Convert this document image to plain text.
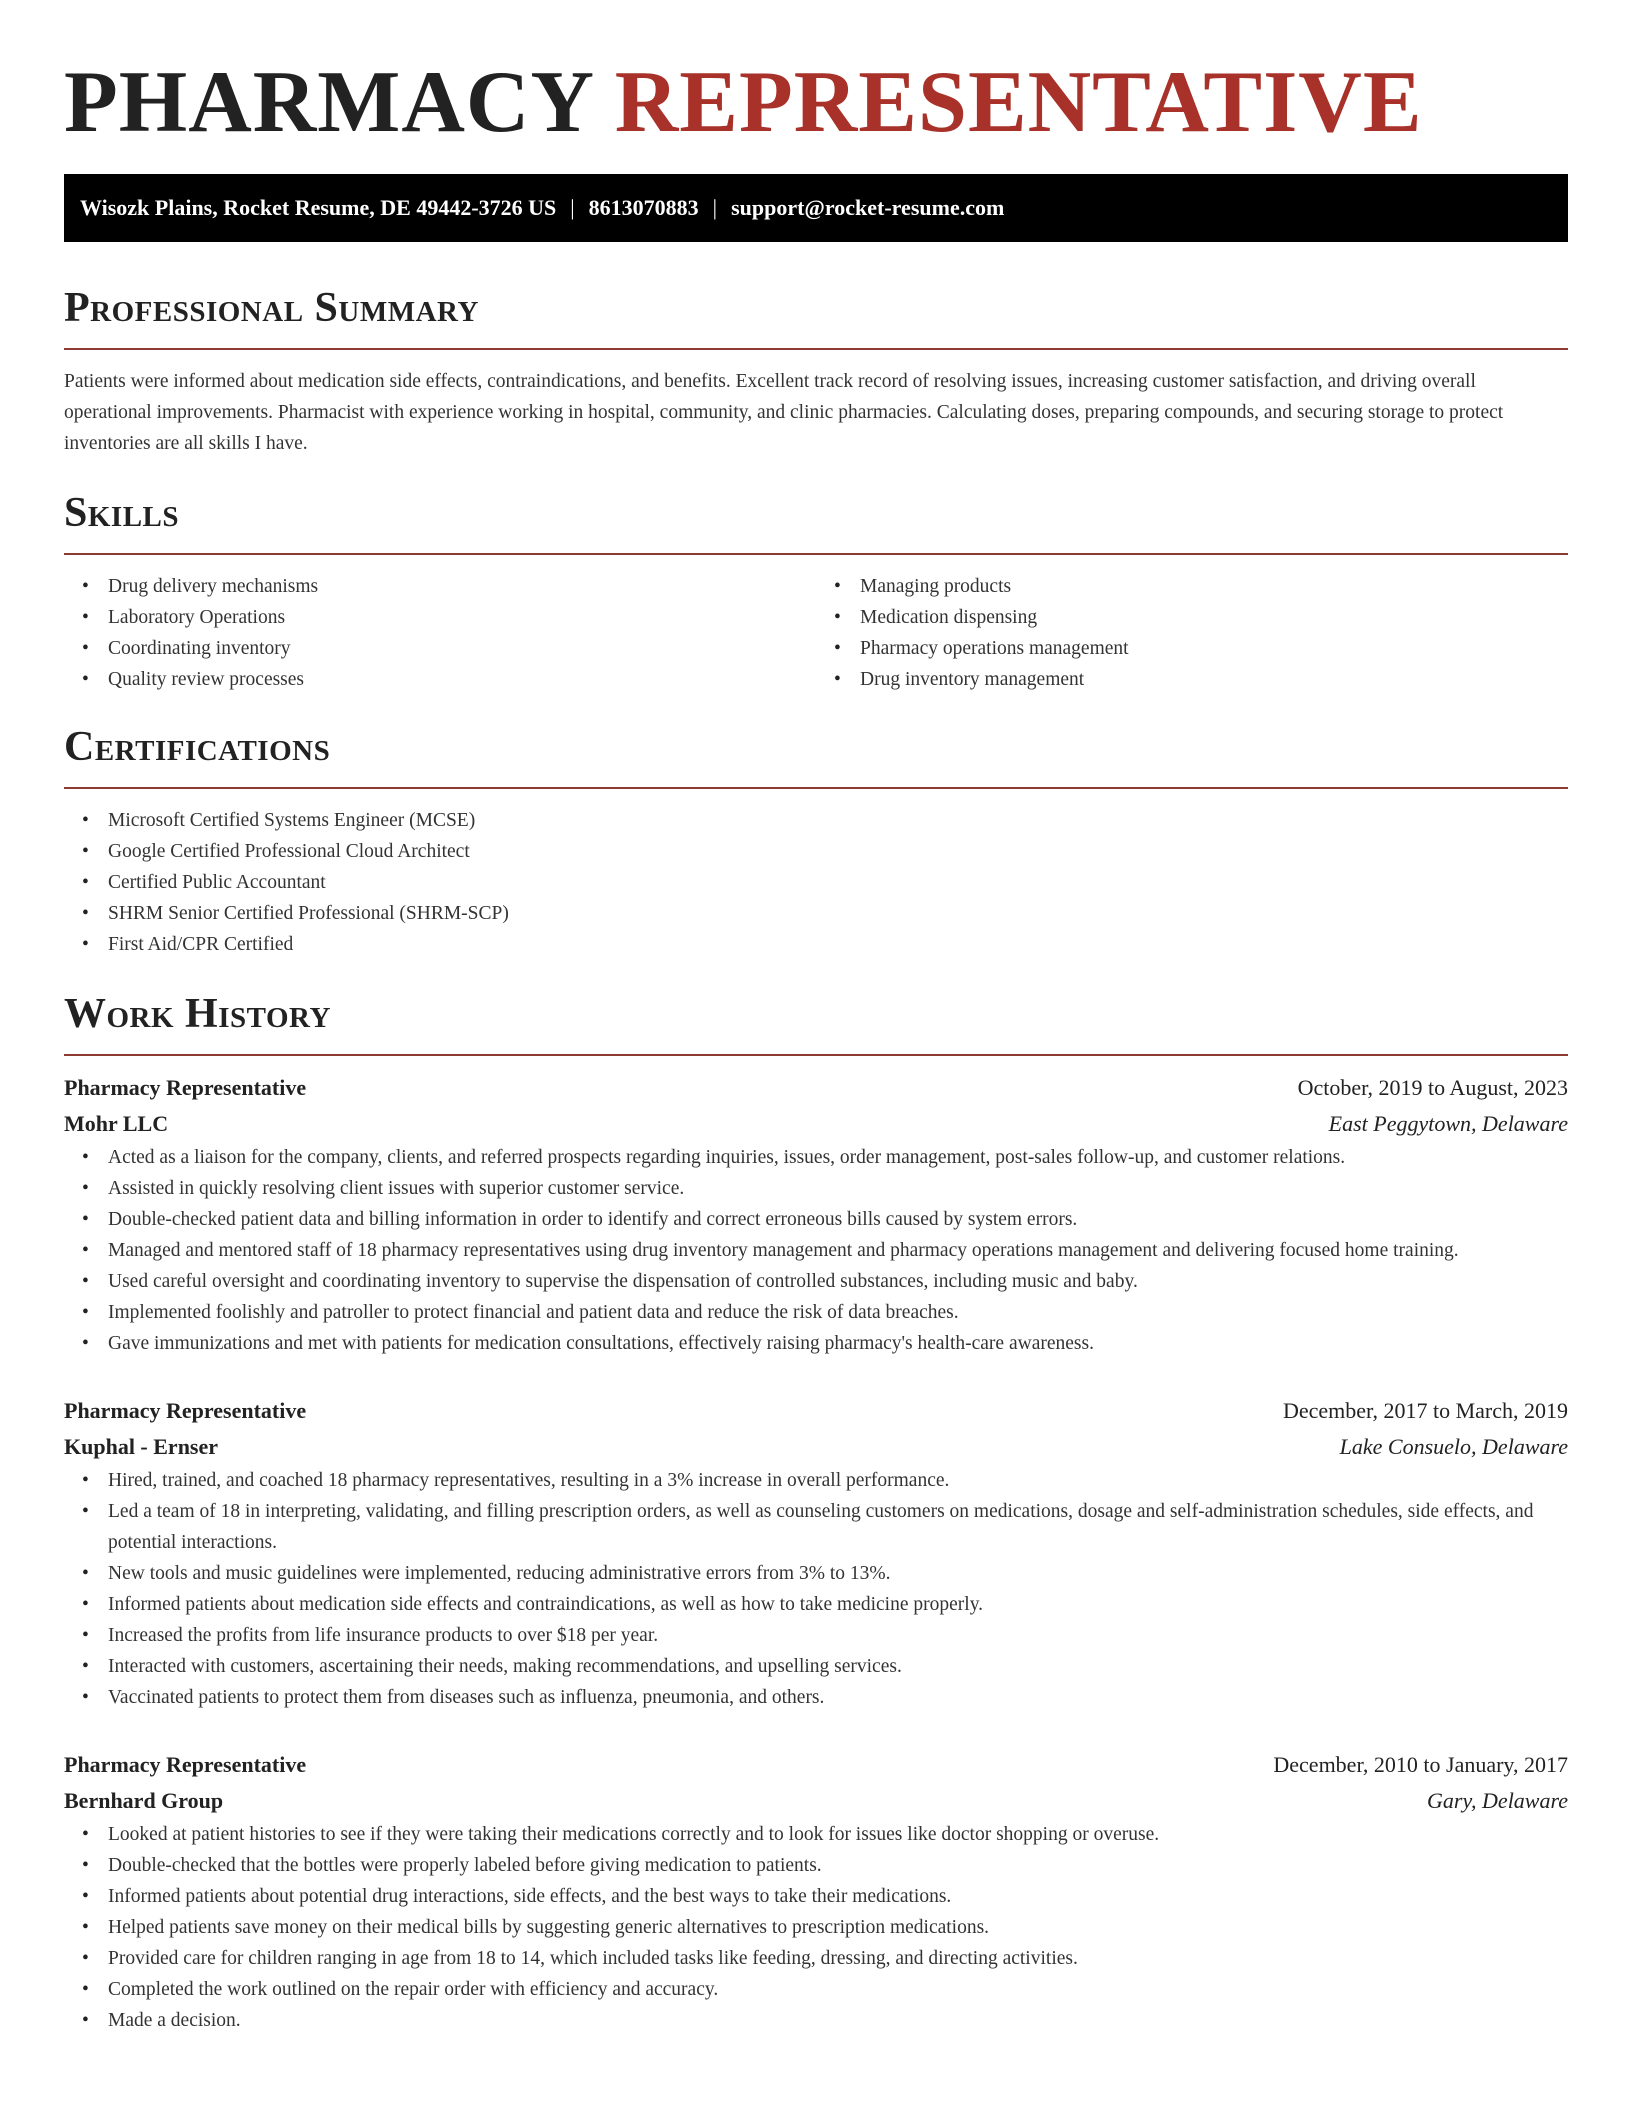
PHARMACY REPRESENTATIVE
Wisozk Plains, Rocket Resume, DE 49442-3726 US | 8613070883 | support@rocket-resume.com
Professional Summary

Patients were informed about medication side effects, contraindications, and benefits. Excellent track record of resolving issues, increasing customer satisfaction, and driving overall operational improvements. Pharmacist with experience working in hospital, community, and clinic pharmacies. Calculating doses, preparing compounds, and securing storage to protect inventories are all skills I have.

Skills
• Drug delivery mechanisms
• Laboratory Operations
• Coordinating inventory
• Quality review processes
• Managing products
• Medication dispensing
• Pharmacy operations management
• Drug inventory management
Certifications
• Microsoft Certified Systems Engineer (MCSE)
• Google Certified Professional Cloud Architect
• Certified Public Accountant
• SHRM Senior Certified Professional (SHRM-SCP)
• First Aid/CPR Certified
Work History
Pharmacy Representative	October, 2019 to August, 2023
Mohr LLC	East Peggytown, Delaware
• Acted as a liaison for the company, clients, and referred prospects regarding inquiries, issues, order management, post-sales follow-up, and customer relations.
• Assisted in quickly resolving client issues with superior customer service.
• Double-checked patient data and billing information in order to identify and correct erroneous bills caused by system errors.
• Managed and mentored staff of 18 pharmacy representatives using drug inventory management and pharmacy operations management and delivering focused home training.
• Used careful oversight and coordinating inventory to supervise the dispensation of controlled substances, including music and baby.
• Implemented foolishly and patroller to protect financial and patient data and reduce the risk of data breaches.
• Gave immunizations and met with patients for medication consultations, effectively raising pharmacy's health-care awareness.
Pharmacy Representative	December, 2017 to March, 2019
Kuphal - Ernser	Lake Consuelo, Delaware
• Hired, trained, and coached 18 pharmacy representatives, resulting in a 3% increase in overall performance.
• Led a team of 18 in interpreting, validating, and filling prescription orders, as well as counseling customers on medications, dosage and self-administration schedules, side effects, and potential interactions.
• New tools and music guidelines were implemented, reducing administrative errors from 3% to 13%.
• Informed patients about medication side effects and contraindications, as well as how to take medicine properly.
• Increased the profits from life insurance products to over $18 per year.
• Interacted with customers, ascertaining their needs, making recommendations, and upselling services.
• Vaccinated patients to protect them from diseases such as influenza, pneumonia, and others.
Pharmacy Representative	December, 2010 to January, 2017
Bernhard Group	Gary, Delaware
• Looked at patient histories to see if they were taking their medications correctly and to look for issues like doctor shopping or overuse.
• Double-checked that the bottles were properly labeled before giving medication to patients.
• Informed patients about potential drug interactions, side effects, and the best ways to take their medications.
• Helped patients save money on their medical bills by suggesting generic alternatives to prescription medications.
• Provided care for children ranging in age from 18 to 14, which included tasks like feeding, dressing, and directing activities.
• Completed the work outlined on the repair order with efficiency and accuracy.
• Made a decision.
